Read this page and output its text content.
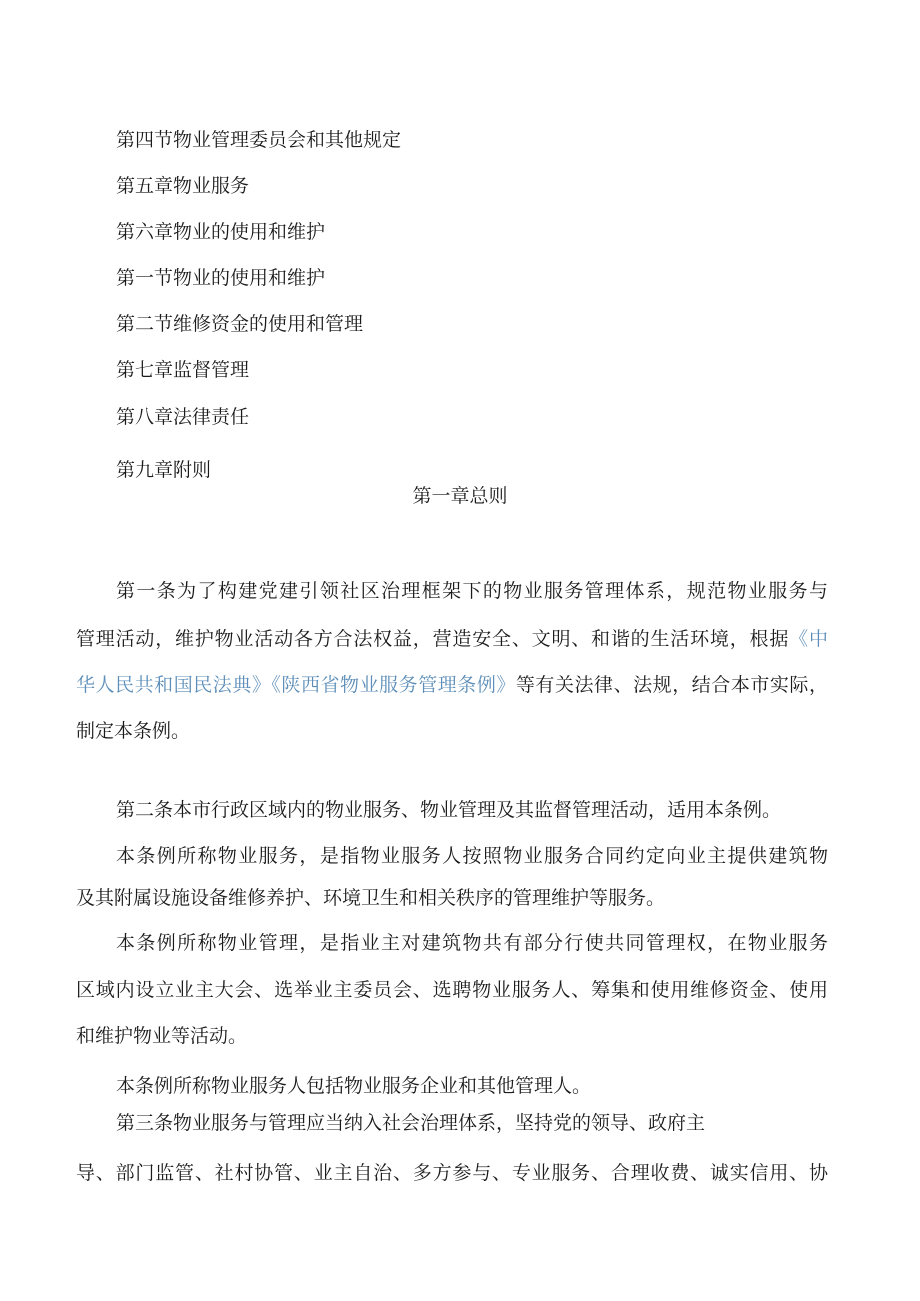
第四节物业管理委员会和其他规定
第五章物业服务
第六章物业的使用和维护
第一节物业的使用和维护
第二节维修资金的使用和管理
第七章监督管理
第八章法律责任
第九章附则
第一章总则
第一条为了构建党建引领社区治理框架下的物业服务管理体系，规范物业服务与
管理活动，维护物业活动各方合法权益，营造安全、文明、和谐的生活环境，根据《中
华人民共和国民法典》《陕西省物业服务管理条例》等有关法律、法规，结合本市实际，
制定本条例。
第二条本市行政区域内的物业服务、物业管理及其监督管理活动，适用本条例。
本条例所称物业服务，是指物业服务人按照物业服务合同约定向业主提供建筑物
及其附属设施设备维修养护、环境卫生和相关秩序的管理维护等服务。
本条例所称物业管理，是指业主对建筑物共有部分行使共同管理权，在物业服务
区域内设立业主大会、选举业主委员会、选聘物业服务人、筹集和使用维修资金、使用
和维护物业等活动。
本条例所称物业服务人包括物业服务企业和其他管理人。
第三条物业服务与管理应当纳入社会治理体系，坚持党的领导、政府主
导、部门监管、社村协管、业主自治、多方参与、专业服务、合理收费、诚实信用、协
